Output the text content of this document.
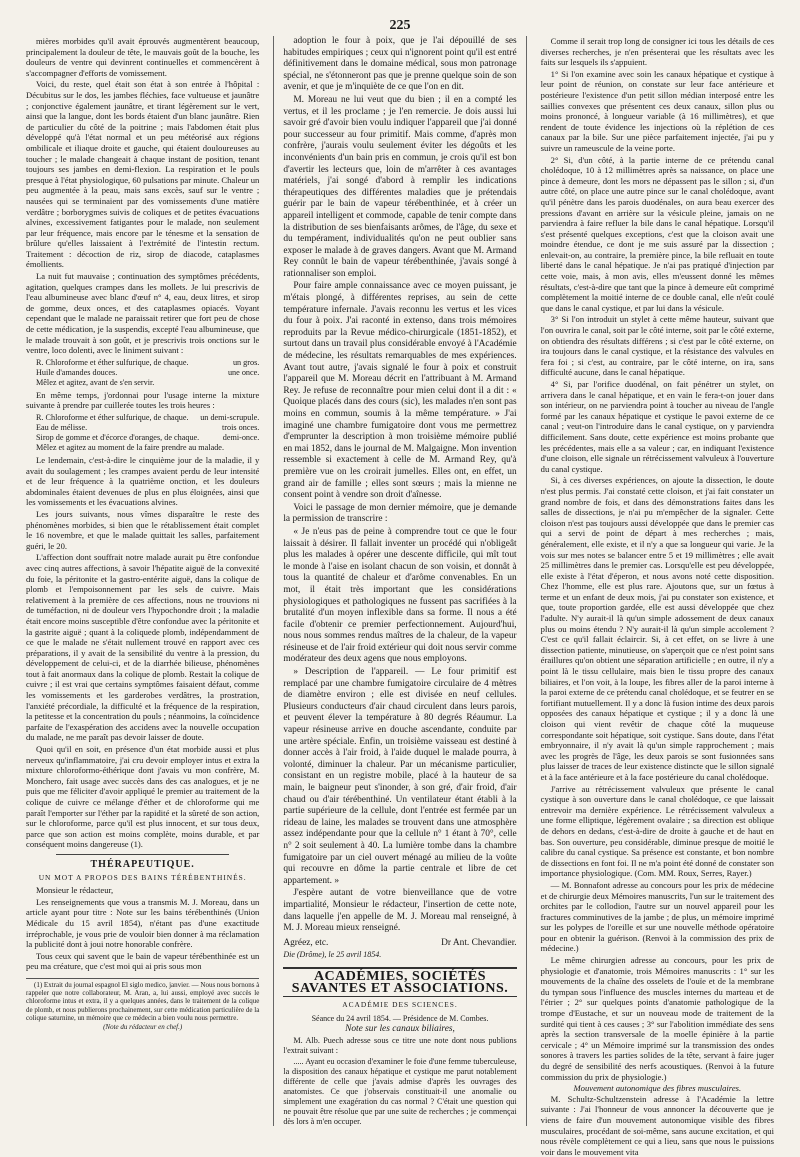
225

mières morbides qu'il avait éprouvés augmentèrent beaucoup, principalement la douleur de tête, le mauvais goût de la bouche, les douleurs de ventre qui devinrent continuelles et commencèrent à s'accompagner d'efforts de vomissement.

Voici, du reste, quel était son état à son entrée à l'hôpital : Décubitus sur le dos, les jambes fléchies, face vultueuse et jaunâtre ; conjonctive également jaunâtre, et tirant légèrement sur le vert, ainsi que la langue, dont les bords étaient d'un blanc jaunâtre. Rien de particulier du côté de la poitrine ; mais l'abdomen était plus développé qu'à l'état normal et un peu météorisé aux régions ombilicale et iliaque droite et gauche, qui étaient douloureuses au toucher ; le malade changeait à chaque instant de position, tenant toujours ses jambes en demi-flexion. La respiration et le pouls presque à l'état physiologique, 60 pulsations par minute. Chaleur un peu augmentée à la peau, mais sans excès, sauf sur le ventre ; nausées qui se terminaient par des vomissements d'une matière verdâtre ; borborygmes suivis de coliques et de petites évacuations alvines, excessivement fatigantes pour le malade, non seulement par leur fréquence, mais encore par le ténesme et la sensation de brûlure qu'elles laissaient à l'extrémité de l'intestin rectum. Traitement : décoction de riz, sirop de diacode, cataplasmes émollients.

La nuit fut mauvaise ; continuation des symptômes précédents, agitation, quelques crampes dans les mollets. Je lui prescrivis de l'eau albumineuse avec blanc d'œuf n° 4, eau, deux litres, et sirop de gomme, deux onces, et des cataplasmes opiacés. Voyant cependant que le malade ne paraissait retirer que fort peu de chose de cette médication, je la suspendis, excepté l'eau albumineuse, que le malade trouvait à son goût, et je prescrivis trois onctions sur le ventre, loco dolenti, avec le liniment suivant :

R. Chloroforme et éther sulfurique, de chaque.	un gros.
Huile d'amandes douces.	une once.
Mêlez et agitez, avant de s'en servir.

En même temps, j'ordonnai pour l'usage interne la mixture suivante à prendre par cuillerée toutes les trois heures :

R. Chloroforme et éther sulfurique, de chaque. un demi-scrupule.
Eau de mélisse.	trois onces.
Sirop de gomme et d'écorce d'oranges, de chaque.	demi-once.
Mêlez et agitez au moment de la faire prendre au malade.

Le lendemain, c'est-à-dire le cinquième jour de la maladie, il y avait du soulagement ; les crampes avaient perdu de leur intensité et de leur fréquence à la quatrième onction, et les douleurs abdominales étaient devenues de plus en plus éloignées, ainsi que les vomissements et les évacuations alvines.

Les jours suivants, nous vîmes disparaître le reste des phénomènes morbides, si bien que le rétablissement était complet le 16 novembre, et que le malade quittait les salles, parfaitement guéri, le 20.

L'affection dont souffrait notre malade aurait pu être confondue avec cinq autres affections, à savoir l'hépatite aiguë de la convexité du foie, la péritonite et la gastro-entérite aiguë, dans la colique de plomb et l'empoisonnement par les sels de cuivre. Mais relativement à la première de ces affections, nous ne trouvions ni de tuméfaction, ni de douleur vers l'hypochondre droit ; la maladie était encore moins susceptible d'être confondue avec la péritonite et la gastrite aiguë ; quant à la coliquede plomb, indépendamment de ce que le malade ne s'était nullement trouvé en rapport avec ces préparations, il y avait de la sensibilité du ventre à la pression, du développement de celui-ci, et de la diarrhée bilieuse, phénomènes tout à fait anormaux dans la colique de plomb. Restait la colique de cuivre ; il est vrai que certains symptômes faisaient défaut, comme les vomissements et les garderobes verdâtres, la prostration, l'anxiété précordiale, la difficulté et la fréquence de la respiration, la petitesse et la concentration du pouls ; néanmoins, la coïncidence parfaite de l'exaspération des accidens avec la nouvelle occupation du malade, ne me paraît pas devoir laisser de doute.

Quoi qu'il en soit, en présence d'un état morbide aussi et plus nerveux qu'inflammatoire, j'ai cru devoir employer intus et extra la mixture chloroformo-éthérique dont j'avais vu mon confrère, M. Monchero, fait usage avec succès dans des cas analogues, et je ne puis que me féliciter d'avoir appliqué le premier au traitement de la colique de cuivre ce mélange d'éther et de chloroforme qui me paraît l'emporter sur l'éther par la rapidité et la sûreté de son action, sur le chloroforme, parce qu'il est plus innocent, et sur tous deux, parce que son action est moins complète, moins durable, et par conséquent moins dangereuse (1).

THÉRAPEUTIQUE.
UN MOT A PROPOS DES BAINS TÉRÉBENTHINÉS.

Monsieur le rédacteur,

Les renseignements que vous a transmis M. J. Moreau, dans un article ayant pour titre : Note sur les bains térébenthinés (Union Médicale du 15 avril 1854), n'étant pas d'une exactitude irréprochable, je vous prie de vouloir bien donner à ma réclamation la publicité dont à joui notre honorable confrère.

Tous ceux qui savent que le bain de vapeur térébenthinée est un peu ma créature, que c'est moi qui ai pris sous mon

(1) Extrait du journal espagnol El siglo medico, janvier. — Nous nous bornons à rappeler que notre collaborateur, M. Aran, a, lui aussi, employé avec succès le chloroforme intus et extra, il y a quelques années, dans le traitement de la colique de plomb, et nous publierons prochainement, sur cette médication particulière de la colique saturnine, un mémoire que ce médecin a bien voulu nous permettre.

(Note du rédacteur en chef.)

adoption le four à poix, que je l'ai dépouillé de ses habitudes empiriques ; ceux qui n'ignorent point qu'il est entré définitivement dans le domaine médical, sous mon patronage spécial, ne s'étonneront pas que je prenne quelque soin de son avenir, et que je m'inquiète de ce que l'on en dit.

M. Moreau ne lui veut que du bien ; il en a compté les vertus, et il les proclame ; je l'en remercie. Je dois aussi lui savoir gré d'avoir bien voulu indiquer l'appareil que j'ai donné pour successeur au four primitif. Mais comme, d'après mon confrère, j'aurais voulu seulement éviter les dégoûts et les inconvénients d'un bain pris en commun, je crois qu'il est bon d'avertir les lecteurs que, loin de m'arrêter à ces avantages matériels, j'ai songé d'abord à remplir les indications thérapeutiques des différentes maladies que je prétendais guérir par le bain de vapeur térébenthinée, et à créer un appareil intelligent et commode, capable de tenir compte dans la distribution de ses bienfaisants arômes, de l'âge, du sexe et du tempérament, individualités qu'on ne peut oublier sans exposer le malade à de graves dangers. Avant que M. Armand Rey connût le bain de vapeur térébenthinée, j'avais songé à rationnaliser son emploi.

Pour faire ample connaissance avec ce moyen puissant, je m'étais plongé, à différentes reprises, au sein de cette température infernale. J'avais reconnu les vertus et les vices du four à poix. J'ai raconté in extenso, dans trois mémoires reproduits par la Revue médico-chirurgicale (1851-1852), et surtout dans un travail plus considérable envoyé à l'Académie de médecine, les résultats remarquables de mes expériences. Avant tout autre, j'avais signalé le four à poix et construit l'appareil que M. Moreau décrit en l'attribuant à M. Armand Rey. Je refuse de reconnaître pour mien celui dont il a dit : « Quoique placés dans des cours (sic), les malades n'en sont pas moins en commun, soumis à la même température. » J'ai imaginé une chambre fumigatoire dont vous me permettrez d'emprunter la description à mon troisième mémoire publié en mai 1852, dans le journal de M. Malgaigne. Mon invention ressemble si exactement à celle de M. Armand Rey, qu'à première vue on les croirait jumelles. Elles ont, en effet, un grand air de famille ; elles sont sœurs ; mais la mienne ne consent point à vendre son droit d'aînesse.

Voici le passage de mon dernier mémoire, que je demande la permission de transcrire :

« Je n'eus pas de peine à comprendre tout ce que le four laissait à désirer. Il fallait inventer un procédé qui n'obligeât plus les malades à opérer une descente difficile, qui mît tout le monde à l'aise en isolant chacun de son voisin, et donnât à tous la quantité de chaleur et d'arôme convenables. En un mot, il était très important que les considérations physiologiques et pathologiques ne fussent pas sacrifiées à la brutalité d'un moyen inflexible dans sa forme. Il nous a été facile d'obtenir ce premier perfectionnement. Aujourd'hui, nous nous sommes rendus maîtres de la chaleur, de la vapeur résineuse et de l'air froid extérieur qui doit nous servir comme modérateur des deux agens que nous employons.

» Description de l'appareil. — Le four primitif est remplacé par une chambre fumigatoire circulaire de 4 mètres de diamètre environ ; elle est divisée en neuf cellules. Plusieurs conducteurs d'air chaud circulent dans leurs parois, et peuvent élever la température à 80 degrés Réaumur. La vapeur résineuse arrive en douche ascendante, conduite par une artère spéciale. Enfin, un troisième vaisseau est destiné à donner accès à l'air froid, à l'aide duquel le malade pourra, à volonté, diminuer la chaleur. Par un mécanisme particulier, consistant en un registre mobile, placé à la hauteur de sa main, le baigneur peut s'inonder, à son gré, d'air froid, d'air chaud ou d'air térébenthiné. Un ventilateur étant établi à la partie supérieure de la cellule, dont l'entrée est fermée par un rideau de laine, les malades se trouvent dans une atmosphère assez indépendante pour que la cellule n° 1 étant à 70°, celle n° 2 soit seulement à 40. La lumière tombe dans la chambre fumigatoire par un ciel ouvert ménagé au milieu de la voûte qui recouvre en dôme la partie centrale et libre de cet appartement. »

J'espère autant de votre bienveillance que de votre impartialité, Monsieur le rédacteur, l'insertion de cette note, dans laquelle j'en appelle de M. J. Moreau mal renseigné, à M. J. Moreau mieux renseigné.

Agréez, etc.	Dr Ant. Chevandier.
Die (Drôme), le 25 avril 1854.
ACADÉMIES, SOCIÉTÉS SAVANTES ET ASSOCIATIONS.
ACADÉMIE DES SCIENCES.
Séance du 24 avril 1854. — Présidence de M. Combes.
Note sur les canaux biliaires,

M. Alb. Puech adresse sous ce titre une note dont nous publions l'extrait suivant :

..... Ayant eu occasion d'examiner le foie d'une femme tuberculeuse, la disposition des canaux hépatique et cystique me parut notablement différente de celle que j'avais admise d'après les ouvrages des anatomistes. Ce que j'observais constituait-il une anomalie ou simplement une exagération du cas normal ? C'était une question qui ne pouvait être résolue que par une suite de recherches ; je commençai dès lors à m'en occuper.

Comme il serait trop long de consigner ici tous les détails de ces diverses recherches, je n'en présenterai que les résultats avec les faits sur lesquels ils s'appuient.

1° Si l'on examine avec soin les canaux hépatique et cystique à leur point de réunion, on constate sur leur face antérieure et postérieure l'existence d'un petit sillon médian interposé entre les saillies convexes que présentent ces deux canaux, sillon plus ou moins prononcé, à longueur variable (à 16 millimètres), et que rendent de toute évidence les injections où la réplétion de ces canaux par la bile. Sur une pièce parfaitement injectée, j'ai pu y suivre un rameuscule de la veine porte.

2° Si, d'un côté, à la partie interne de ce prétendu canal cholédoque, 10 à 12 millimètres après sa naissance, on place une pince à demeure, dont les mors ne dépassent pas le sillon ; si, d'un autre côté, on place une autre pince sur le canal cholédoque, avant qu'il pénètre dans les parois duodénales, on aura beau exercer des pressions d'avant en arrière sur la vésicule pleine, jamais on ne parviendra à faire refluer la bile dans le canal hépatique. Lorsqu'il s'est présenté quelques exceptions, c'est que la cloison avait une moindre étendue, ce dont je me suis assuré par la dissection ; enlevait-on, au contraire, la première pince, la bile refluait en toute liberté dans le canal hépatique. Je n'ai pas pratiqué d'injection par cette voie, mais, à mon avis, elles m'eussent donné les mêmes résultats, c'est-à-dire que tant que la pince à demeure eût comprimé complètement la moitié interne de ce double canal, elle n'eût coulé que dans le canal cystique, et par lui dans la vésicule.

3° Si l'on introduit un stylet à cette même hauteur, suivant que l'on ouvrira le canal, soit par le côté interne, soit par le côté externe, on obtiendra des résultats différens ; si c'est par le côté externe, on ira toujours dans le canal cystique, et la résistance des valvules en fera foi ; si c'est, au contraire, par le côté interne, on ira, sans difficulté aucune, dans le canal hépatique.

4° Si, par l'orifice duodénal, on fait pénétrer un stylet, on arrivera dans le canal hépatique, et en vain le fera-t-on jouer dans son intérieur, on ne parviendra point à toucher au niveau de l'angle formé par les canaux hépatique et cystique le pavoi externe de ce canal ; veut-on l'introduire dans le canal cystique, on y parviendra difficilement. Sans doute, cette expérience est moins probante que les précédentes, mais elle a sa valeur ; car, en indiquant l'existence d'une cloison, elle signale un rétrécissement valvuleux à l'ouverture du canal cystique.

Si, à ces diverses expériences, on ajoute la dissection, le doute n'est plus permis. J'ai constaté cette cloison, et j'ai fait constater un grand nombre de fois, et dans des démonstrations faites dans les salles de dissections, je n'ai pu m'empêcher de la signaler. Cette cloison n'est pas toujours aussi développée que dans le premier cas qui a servi de point de départ à mes recherches ; mais, généralement, elle existe, et il n'y a que sa longueur qui varie. Je la vois sur mes notes se balancer entre 5 et 19 millimètres ; elle avait 25 millimètres dans le premier cas. Lorsqu'elle est peu développée, elle existe à l'état d'éperon, et nous avons noté cette disposition. Chez l'homme, elle est plus rare. Ajoutons que, sur un fœtus à terme et un enfant de deux mois, j'ai pu constater son existence, et que, toute proportion gardée, elle est aussi développée que chez l'adulte. N'y aurait-il là qu'un simple adossement de deux canaux plus ou moins étendu ? N'y aurait-il là qu'un simple accolement ? C'est ce qu'il fallait éclaircir. Si, à cet effet, on se livre à une dissection patiente, minutieuse, on s'aperçoit que ce n'est point sans éraillures qu'on obtient une séparation artificielle ; en outre, il n'y a point là le tissu cellulaire, mais bien le tissu propre des canaux biliaires, et l'on voit, à la loupe, les fibres aller de la paroi interne à la paroi externe de ce prétendu canal cholédoque, et se feutrer en se fortifiant mutuellement. Il y a donc là fusion intime des deux parois opposées des canaux hépatique et cystique ; il y a donc là une cloison qui vient revêtir de chaque côté la muqueuse correspondante soit hépatique, soit cystique. Sans doute, dans l'état embryonnaire, il n'y avait là qu'un simple rapprochement ; mais avec les progrès de l'âge, les deux parois se sont fusionnées sans plus laisser de traces de leur existence distincte que le sillon signalé et à la face antérieure et à la face postérieure du canal cholédoque.

J'arrive au rétrécissement valvuleux que présente le canal cystique à son ouverture dans le canal cholédoque, ce que laissait entrevoir ma dernière expérience. Le rétrécissement valvuleux a une forme elliptique, légèrement ovalaire ; sa direction est oblique de dehors en dedans, c'est-à-dire de droite à gauche et de haut en bas. Son ouverture, peu considérable, diminue presque de moitié le calibre du canal cystique. Sa présence est constante, et bon nombre de dissections en font foi. Il ne m'a point été donné de constater son importance physiologique. (Com. MM. Roux, Serres, Rayer.)

— M. Bonnafont adresse au concours pour les prix de médecine et de chirurgie deux Mémoires manuscrits, l'un sur le traitement des orchites par le collodion, l'autre sur un nouvel appareil pour les fractures comminutives de la jambe ; de plus, un mémoire imprimé sur les polypes de l'oreille et sur une nouvelle méthode opératoire pour en obtenir la guérison. (Renvoi à la commission des prix de médecine.)

Le même chirurgien adresse au concours, pour les prix de physiologie et d'anatomie, trois Mémoires manuscrits : 1° sur les mouvements de la chaîne des osselets de l'ouïe et de la membrane du tympan sous l'influence des muscles internes du marteau et de l'étrier ; 2° sur quelques points d'anatomie pathologique de la trompe d'Eustache, et sur un nouveau mode de traitement de la surdité qui tient à ces causes ; 3° sur l'abolition immédiate des sens après la section transversale de la moelle épinière à la partie cervicale ; 4° un Mémoire imprimé sur la transmission des ondes sonores à travers les parties solides de la tête, servant à faire juger du degré de sensibilité des nerfs acoustiques. (Renvoi à la future commission du prix de physiologie.)

Mouvement autonomique des fibres musculaires.

M. Schultz-Schultzenstein adresse à l'Académie la lettre suivante : J'ai l'honneur de vous annoncer la découverte que je viens de faire d'un mouvement autonomique visible des fibres musculaires, procédant de soi-même, sans aucune excitation, et qui nous révèle complètement ce qui a lieu, sans que nous le puissions voir dans le mouvement vita
